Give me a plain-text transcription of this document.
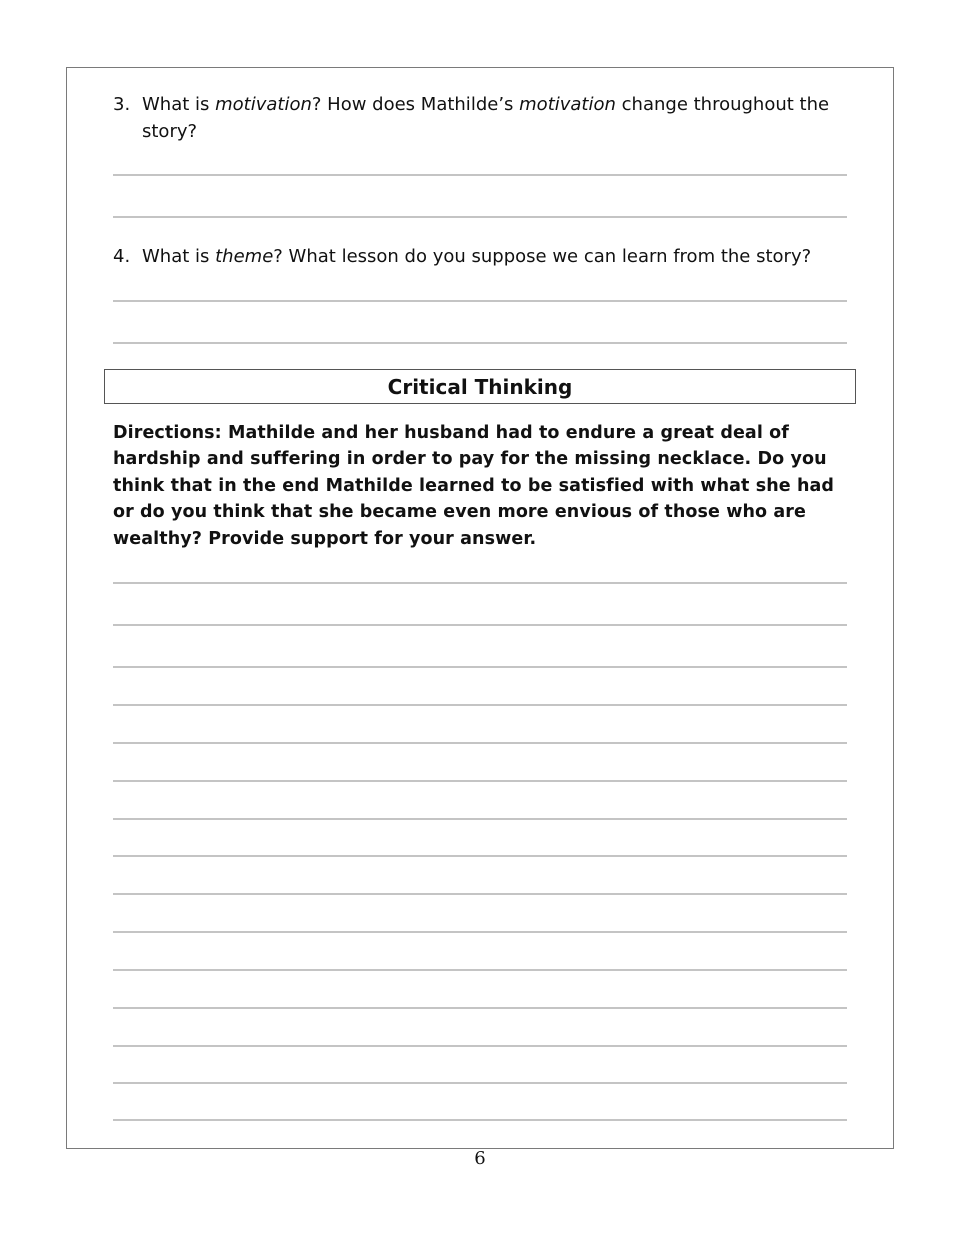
3. What is motivation? How does Mathilde’s motivation change throughout the story?
4. What is theme? What lesson do you suppose we can learn from the story?
Critical Thinking
Directions: Mathilde and her husband had to endure a great deal of hardship and suffering in order to pay for the missing necklace. Do you think that in the end Mathilde learned to be satisfied with what she had or do you think that she became even more envious of those who are wealthy? Provide support for your answer.
6
